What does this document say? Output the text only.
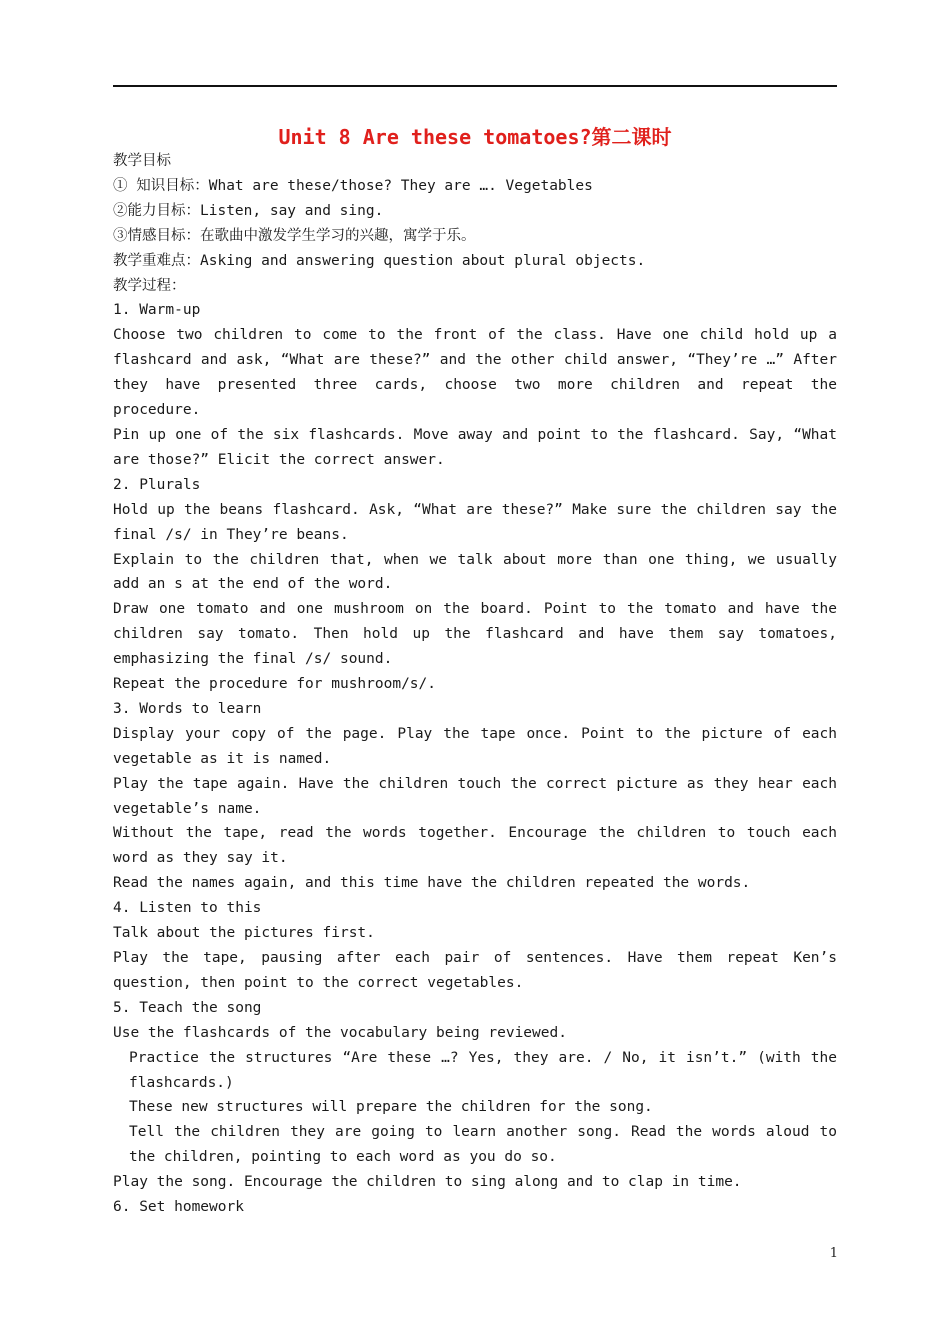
Unit 8 Are these tomatoes?第二课时

教学目标

① 知识目标：What are these/those? They are …. Vegetables

②能力目标：Listen, say and sing.

③情感目标：在歌曲中激发学生学习的兴趣，寓学于乐。

教学重难点：Asking and answering question about plural objects.

教学过程：

1. Warm-up

Choose two children to come to the front of the class. Have one child hold up a flashcard and ask, “What are these?” and the other child answer, “They’re …” After they have presented three cards, choose two more children and repeat the procedure.

Pin up one of the six flashcards. Move away and point to the flashcard. Say, “What are those?” Elicit the correct answer.

2. Plurals

Hold up the beans flashcard. Ask, “What are these?” Make sure the children say the final /s/ in They’re beans.

Explain to the children that, when we talk about more than one thing, we usually add an s at the end of the word.

Draw one tomato and one mushroom on the board. Point to the tomato and have the children say tomato. Then hold up the flashcard and have them say tomatoes, emphasizing the final /s/ sound.

Repeat the procedure for mushroom/s/.

3. Words to learn

Display your copy of the page. Play the tape once. Point to the picture of each vegetable as it is named.

Play the tape again. Have the children touch the correct picture as they hear each vegetable’s name.

Without the tape, read the words together. Encourage the children to touch each word as they say it.

Read the names again, and this time have the children repeated the words.

4. Listen to this

Talk about the pictures first.

Play the tape, pausing after each pair of sentences. Have them repeat Ken’s question, then point to the correct vegetables.

5. Teach the song

Use the flashcards of the vocabulary being reviewed.

Practice the structures “Are these …? Yes, they are. / No, it isn’t.” (with the flashcards.)

These new structures will prepare the children for the song.

Tell the children they are going to learn another song. Read the words aloud to the children, pointing to each word as you do so.

Play the song. Encourage the children to sing along and to clap in time.

6. Set homework

1
